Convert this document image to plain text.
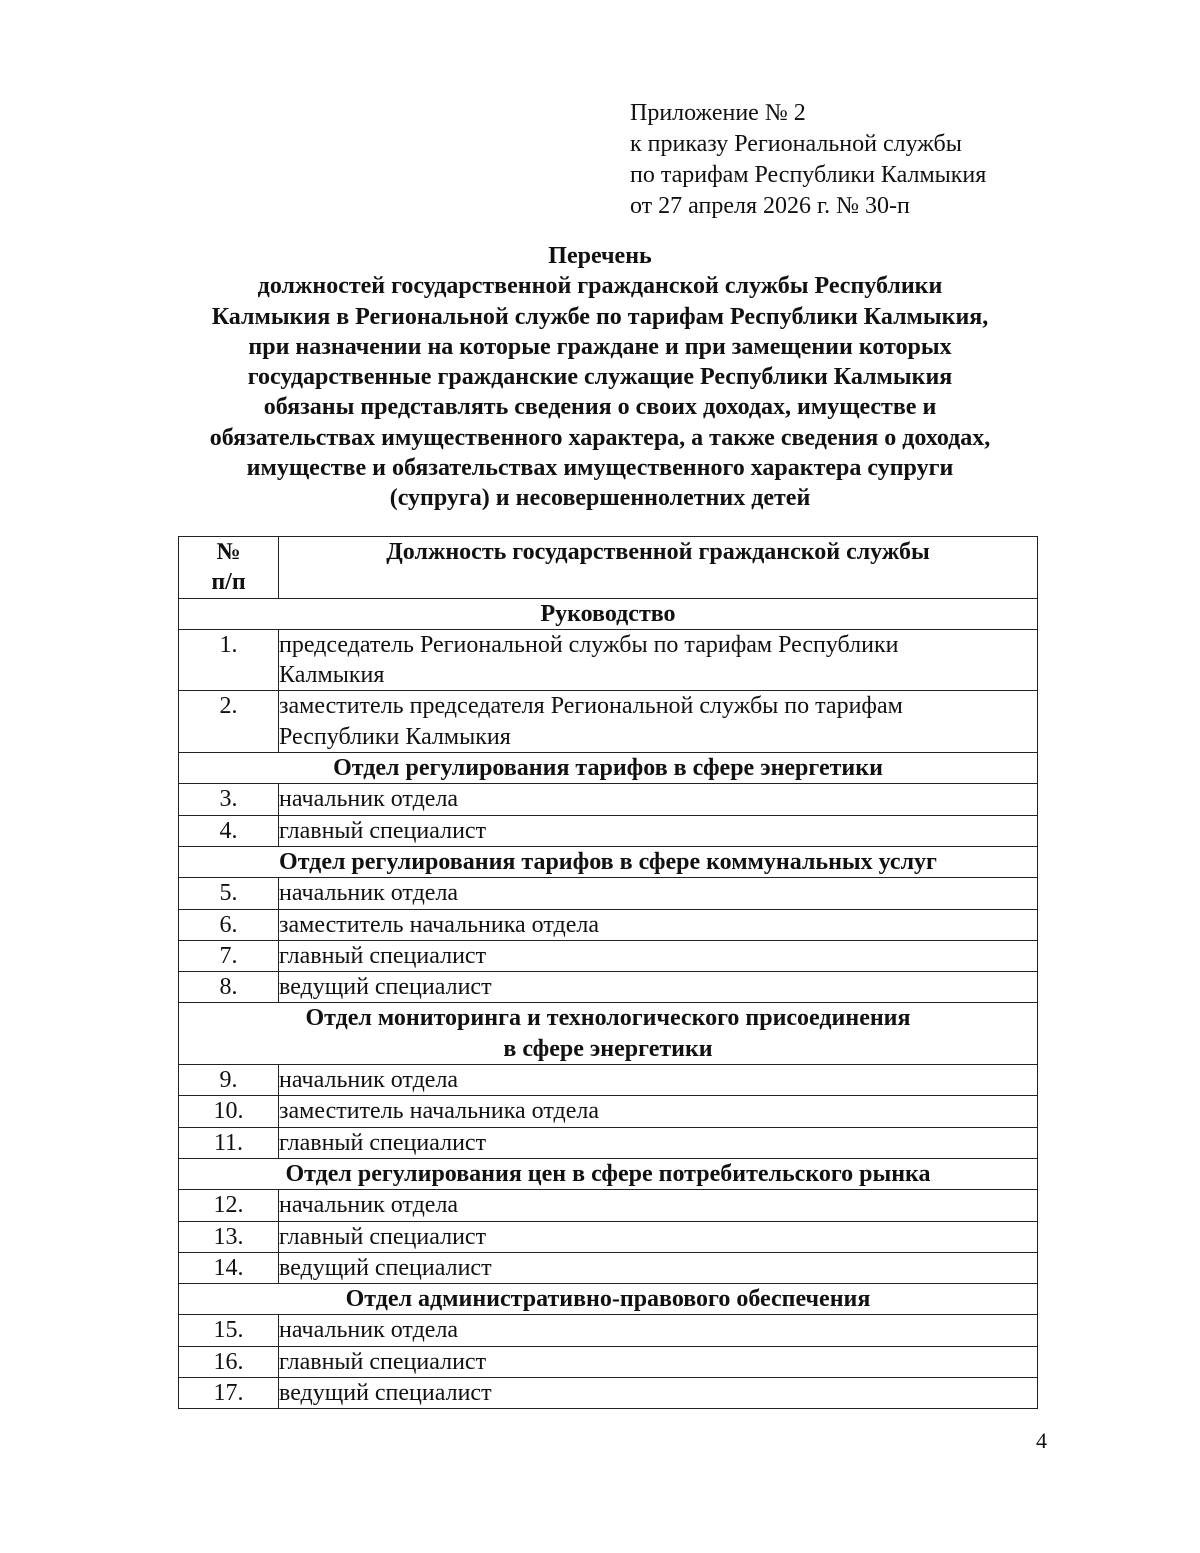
Приложение № 2
к приказу Региональной службы
по тарифам Республики Калмыкия
от 27 апреля 2026 г. № 30-п
Перечень
должностей государственной гражданской службы Республики
Калмыкия в Региональной службе по тарифам Республики Калмыкия,
при назначении на которые граждане и при замещении которых
государственные гражданские служащие Республики Калмыкия
обязаны представлять сведения о своих доходах, имуществе и
обязательствах имущественного характера, а также сведения о доходах,
имуществе и обязательствах имущественного характера супруги
(супруга) и несовершеннолетних детей
№
п/п	Должность государственной гражданской службы

Руководство	

1.	председатель Региональной службы по тарифам Республики
Калмыкия

2.	заместитель председателя Региональной службы по тарифам
Республики Калмыкия

Отдел регулирования тарифов в сфере энергетики	

3.	начальник отдела

4.	главный специалист

Отдел регулирования тарифов в сфере коммунальных услуг	

5.	начальник отдела

6.	заместитель начальника отдела

7.	главный специалист

8.	ведущий специалист

Отдел мониторинга и технологического присоединения
в сфере энергетики	

9.	начальник отдела

10.	заместитель начальника отдела

11.	главный специалист

Отдел регулирования цен в сфере потребительского рынка	

12.	начальник отдела

13.	главный специалист

14.	ведущий специалист

Отдел административно-правового обеспечения	

15.	начальник отдела

16.	главный специалист

17.	ведущий специалист
4
